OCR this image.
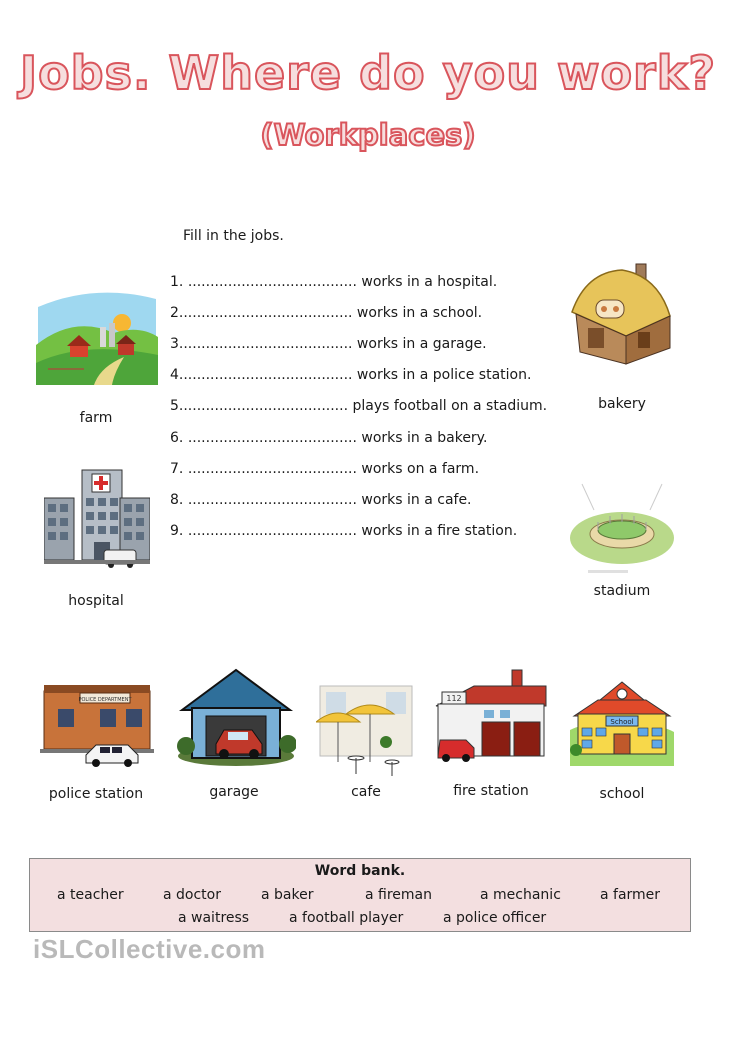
Jobs. Where do you work?
(Workplaces)
Fill in the jobs.
1. ...................................... works in a hospital.
2....................................... works in a school.
3....................................... works in a garage.
4....................................... works in a police station.
5...................................... plays football on a stadium.
6. ...................................... works in a bakery.
7. ...................................... works on a farm.
8. ...................................... works in a cafe.
9. ...................................... works in a fire station.
farm
hospital
bakery
stadium
POLICE DEPARTMENT
police station	garage	cafe
112
fire station
School
school
Word bank.
a teacher	a doctor	a baker	a fireman	a mechanic	a farmer
a waitress	a football player	a police officer
iSLCollective.com
